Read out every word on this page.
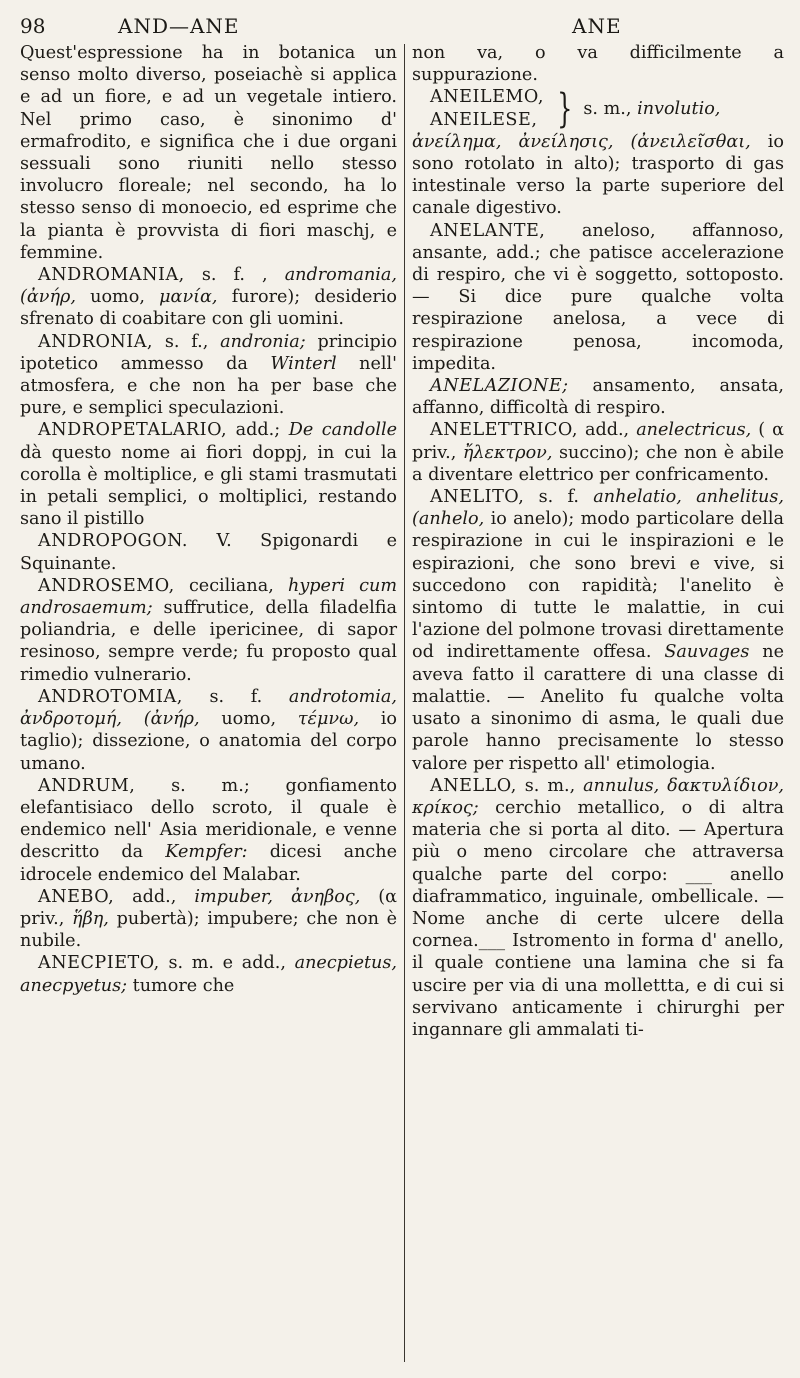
98	AND—ANE	ANE

Quest'espressione ha in botanica un senso molto diverso, poseiachè si applica e ad un fiore, e ad un vegetale intiero. Nel primo caso, è sinonimo d' ermafrodito, e significa che i due organi sessuali sono riuniti nello stesso involucro floreale; nel secondo, ha lo stesso senso di monoecio, ed esprime che la pianta è provvista di fiori maschj, e femmine.

ANDROMANIA, s. f. , andromania, (ἀνήρ, uomo, μανία, furore); desiderio sfrenato di coabitare con gli uomini.

ANDRONIA, s. f., andronia; principio ipotetico ammesso da Winterl nell' atmosfera, e che non ha per base che pure, e semplici speculazioni.

ANDROPETALARIO, add.; De candolle dà questo nome ai fiori doppj, in cui la corolla è moltiplice, e gli stami trasmutati in petali semplici, o moltiplici, restando sano il pistillo

ANDROPOGON. V. Spigonardi e Squinante.

ANDROSEMO, ceciliana, hyperi cum androsaemum; suffrutice, della filadelfia poliandria, e delle ipericinee, di sapor resinoso, sempre verde; fu proposto qual rimedio vulnerario.

ANDROTOMIA, s. f. androtomia, ἀνδροτομή, (ἀνήρ, uomo, τέμνω, io taglio); dissezione, o anatomia del corpo umano.

ANDRUM, s. m.; gonfiamento elefantisiaco dello scroto, il quale è endemico nell' Asia meridionale, e venne descritto da Kempfer: dicesi anche idrocele endemico del Malabar.

ANEBO, add., impuber, ἀνηβος, (α priv., ἥβη, pubertà); impubere; che non è nubile.

ANECPIETO, s. m. e add., anecpietus, anecpyetus; tumore che

non va, o va difficilmente a suppurazione.

ANEILEMO,
ANEILESE, } s. m.,
involutio,

ἀνείλημα, ἀνείλησις, (ἀνειλεῖσθαι, io sono rotolato in alto); trasporto di gas intestinale verso la parte superiore del canale digestivo.

ANELANTE, aneloso, affannoso, ansante, add.; che patisce accelerazione di respiro, che vi è soggetto, sottoposto. — Si dice pure qualche volta respirazione anelosa, a vece di respirazione penosa, incomoda, impedita.

ANELAZIONE; ansamento, ansata, affanno, difficoltà di respiro.

ANELETTRICO, add., anelectricus, ( α priv., ἤλεκτρον, succino); che non è abile a diventare elettrico per confricamento.

ANELITO, s. f. anhelatio, anhelitus, (anhelo, io anelo); modo particolare della respirazione in cui le inspirazioni e le espirazioni, che sono brevi e vive, si succedono con rapidità; l'anelito è sintomo di tutte le malattie, in cui l'azione del polmone trovasi direttamente od indirettamente offesa. Sauvages ne aveva fatto il carattere di una classe di malattie. — Anelito fu qualche volta usato a sinonimo di asma, le quali due parole hanno precisamente lo stesso valore per rispetto all' etimologia.

ANELLO, s. m., annulus, δακτυλίδιον, κρίκος; cerchio metallico, o di altra materia che si porta al dito. — Apertura più o meno circolare che attraversa qualche parte del corpo: ___ anello diaframmatico, inguinale, ombellicale. — Nome anche di certe ulcere della cornea.___ Istromento in forma d' anello, il quale contiene una lamina che si fa uscire per via di una mollettta, e di cui si servivano anticamente i chirurghi per ingannare gli ammalati ti-
